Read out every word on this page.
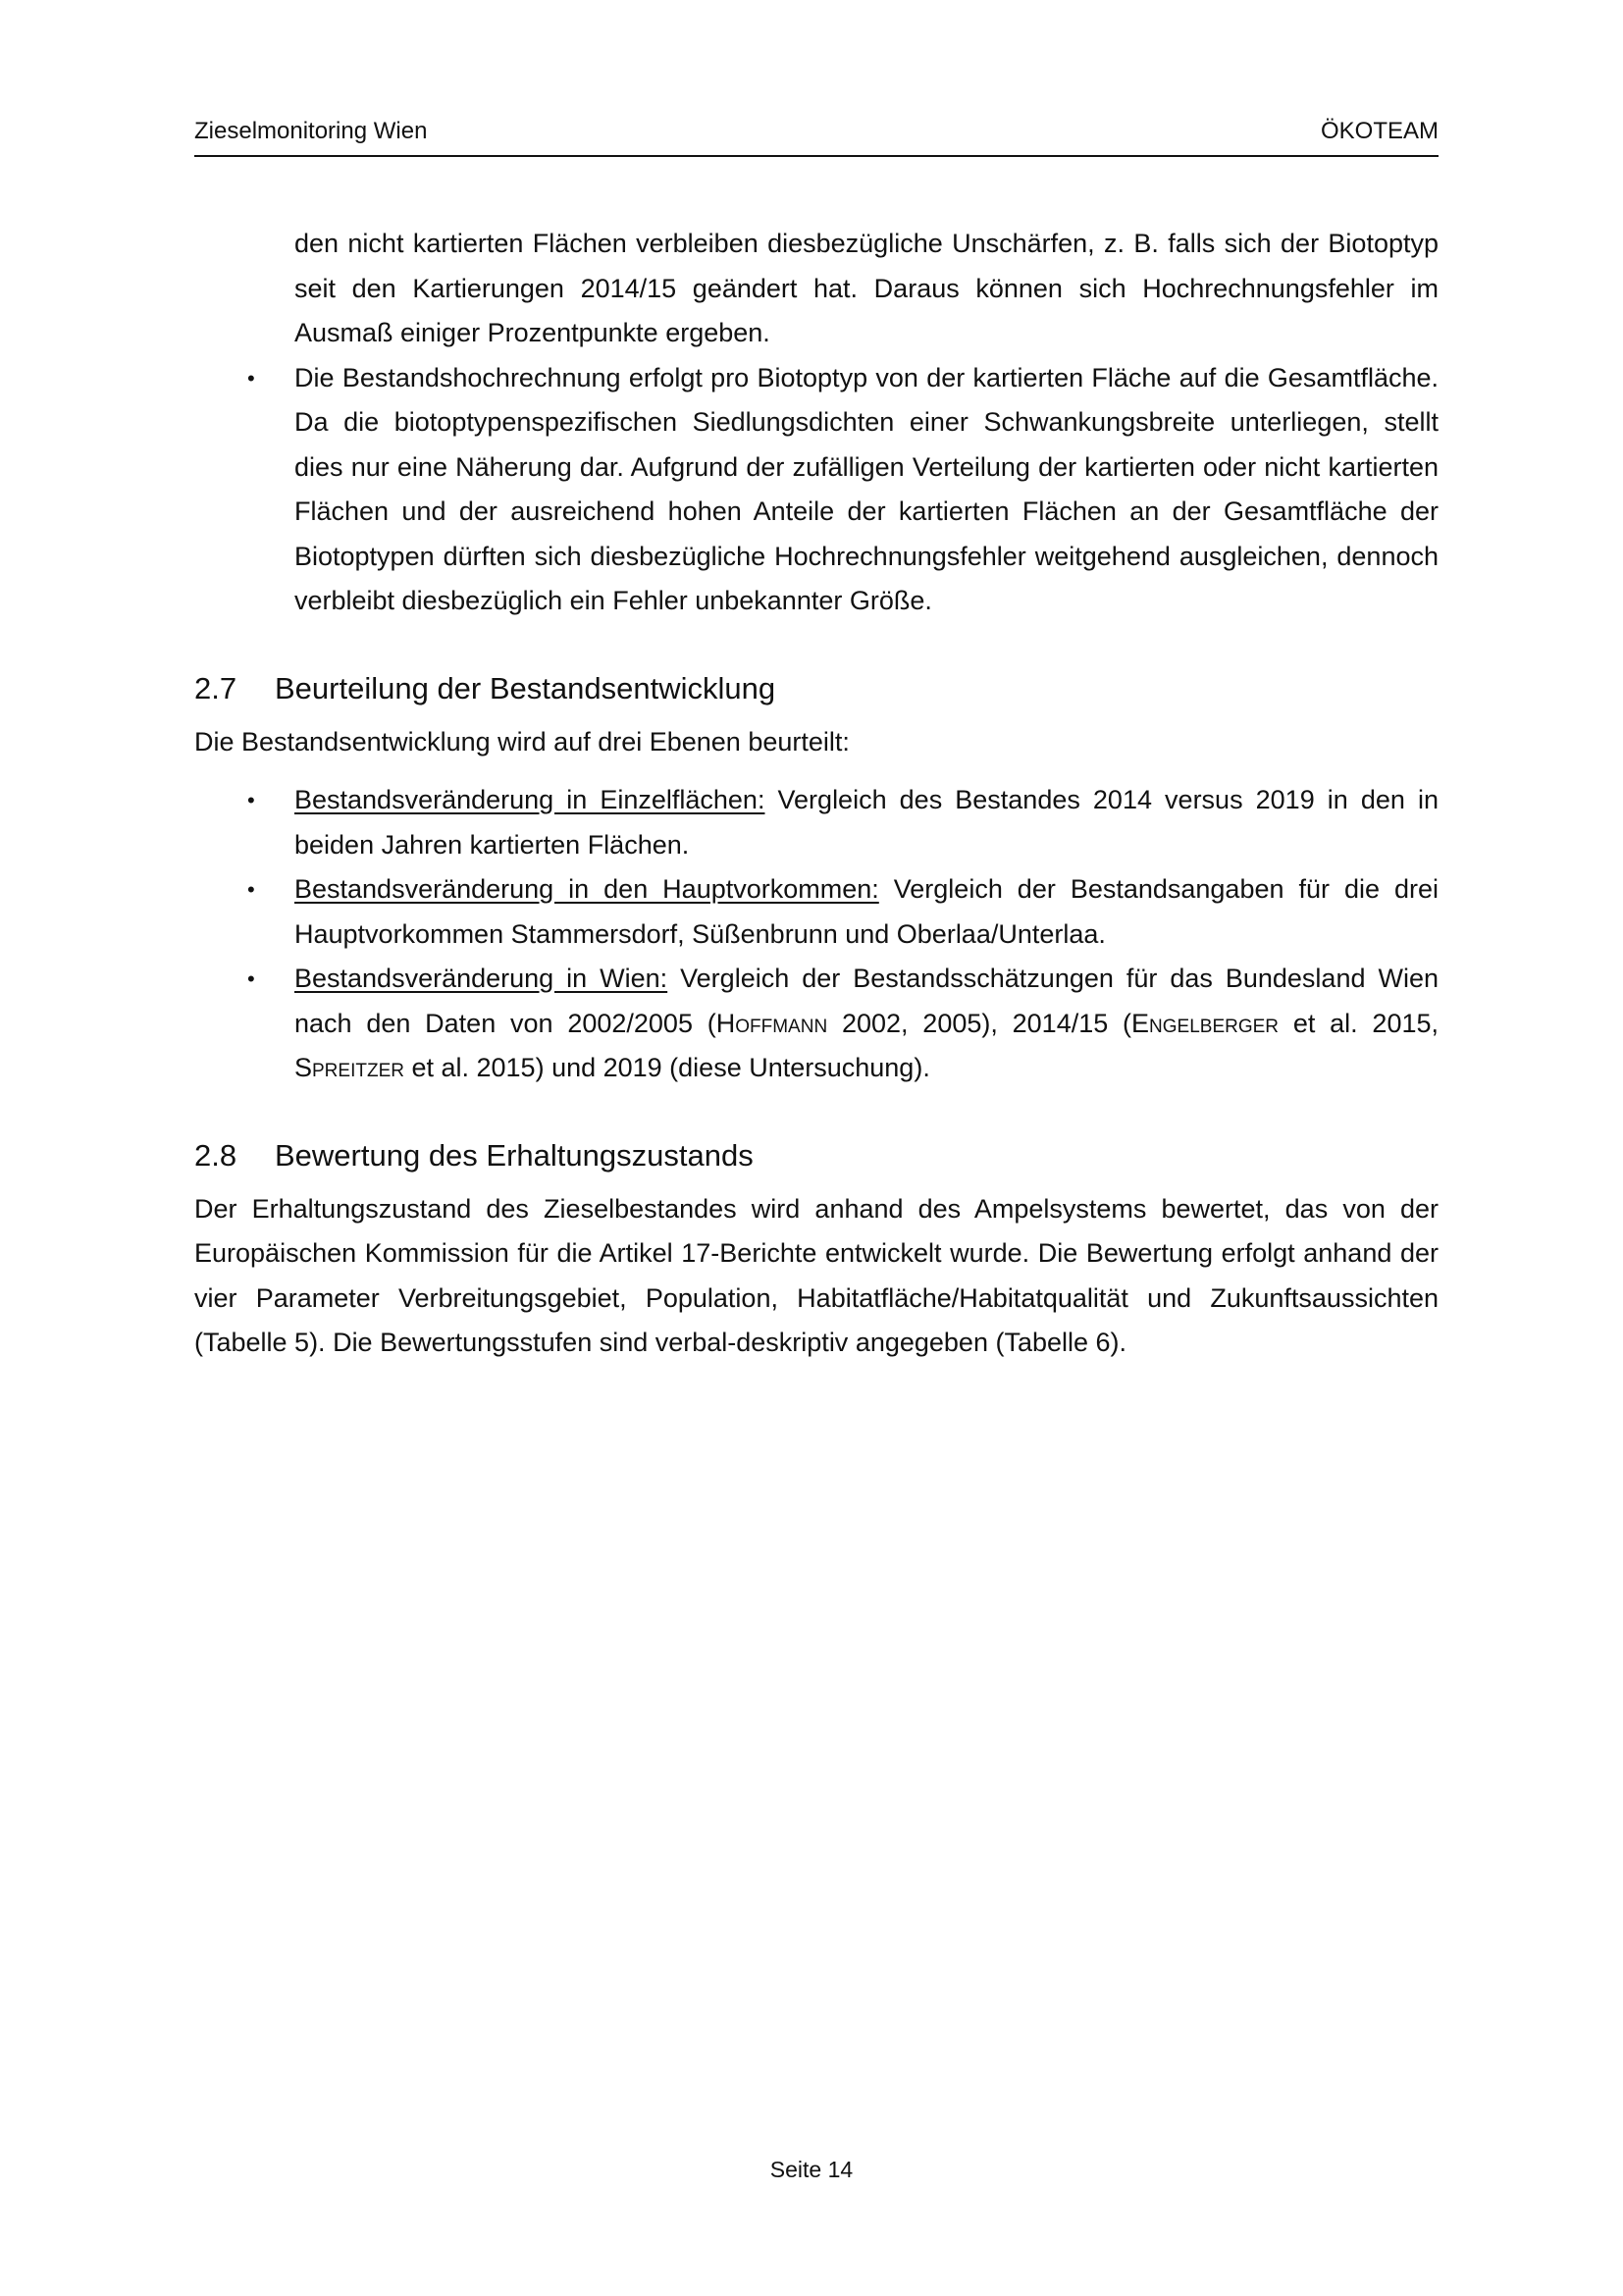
Zieselmonitoring Wien	ÖKOTEAM

den nicht kartierten Flächen verbleiben diesbezügliche Unschärfen, z. B. falls sich der Biotoptyp seit den Kartierungen 2014/15 geändert hat. Daraus können sich Hochrechnungsfehler im Ausmaß einiger Prozentpunkte ergeben.

• Die Bestandshochrechnung erfolgt pro Biotoptyp von der kartierten Fläche auf die Gesamtfläche. Da die biotoptypenspezifischen Siedlungsdichten einer Schwankungsbreite unterliegen, stellt dies nur eine Näherung dar. Aufgrund der zufälligen Verteilung der kartierten oder nicht kartierten Flächen und der ausreichend hohen Anteile der kartierten Flächen an der Gesamtfläche der Biotoptypen dürften sich diesbezügliche Hochrechnungsfehler weitgehend ausgleichen, dennoch verbleibt diesbezüglich ein Fehler unbekannter Größe.
2.7	Beurteilung der Bestandsentwicklung

Die Bestandsentwicklung wird auf drei Ebenen beurteilt:

• Bestandsveränderung in Einzelflächen: Vergleich des Bestandes 2014 versus 2019 in den in beiden Jahren kartierten Flächen.
• Bestandsveränderung in den Hauptvorkommen: Vergleich der Bestandsangaben für die drei Hauptvorkommen Stammersdorf, Süßenbrunn und Oberlaa/Unterlaa.
• Bestandsveränderung in Wien: Vergleich der Bestandsschätzungen für das Bundesland Wien nach den Daten von 2002/2005 (Hoffmann 2002, 2005), 2014/15 (Engelberger et al. 2015, Spreitzer et al. 2015) und 2019 (diese Untersuchung).
2.8	Bewertung des Erhaltungszustands

Der Erhaltungszustand des Zieselbestandes wird anhand des Ampelsystems bewertet, das von der Europäischen Kommission für die Artikel 17-Berichte entwickelt wurde. Die Bewertung erfolgt anhand der vier Parameter Verbreitungsgebiet, Population, Habitatfläche/Habitatqualität und Zukunftsaussichten (Tabelle 5). Die Bewertungsstufen sind verbal-deskriptiv angegeben (Tabelle 6).

Seite 14
